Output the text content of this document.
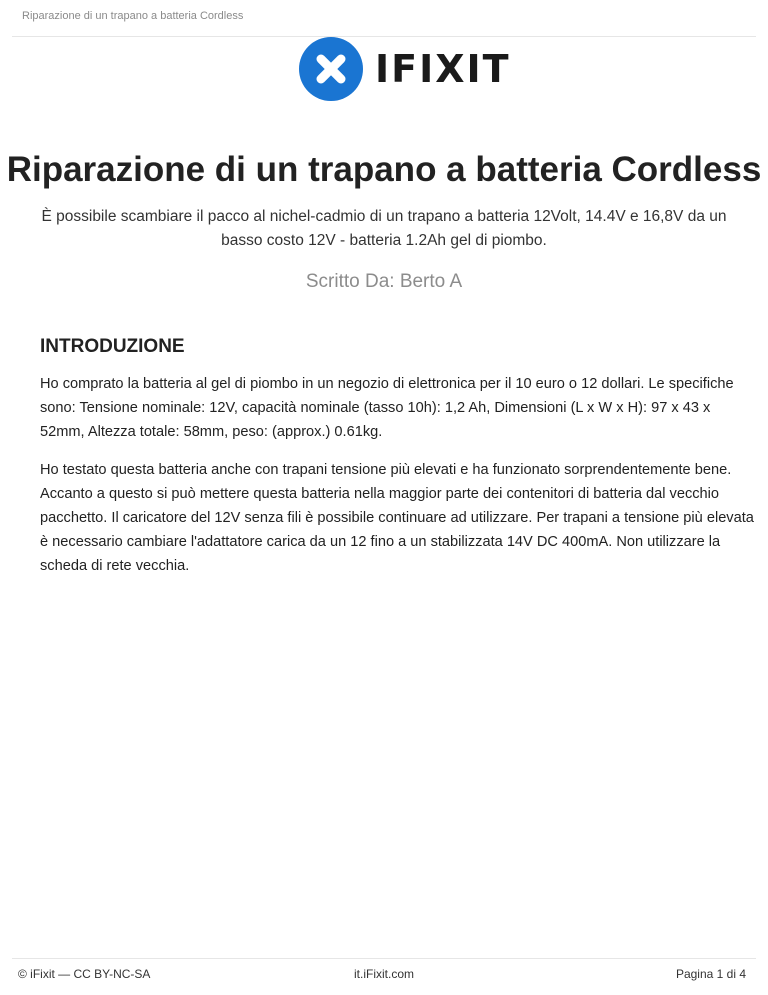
Riparazione di un trapano a batteria Cordless
IFIXIT
Riparazione di un trapano a batteria Cordless
È possibile scambiare il pacco al nichel-cadmio di un trapano a batteria 12Volt, 14.4V e 16,8V da un basso costo 12V - batteria 1.2Ah gel di piombo.
Scritto Da: Berto A
INTRODUZIONE

Ho comprato la batteria al gel di piombo in un negozio di elettronica per il 10 euro o 12 dollari. Le specifiche sono: Tensione nominale: 12V, capacità nominale (tasso 10h): 1,2 Ah, Dimensioni (L x W x H): 97 x 43 x 52mm, Altezza totale: 58mm, peso: (approx.) 0.61kg.

Ho testato questa batteria anche con trapani tensione più elevati e ha funzionato sorprendentemente bene. Accanto a questo si può mettere questa batteria nella maggior parte dei contenitori di batteria dal vecchio pacchetto. Il caricatore del 12V senza fili è possibile continuare ad utilizzare. Per trapani a tensione più elevata è necessario cambiare l'adattatore carica da un 12 fino a un stabilizzata 14V DC 400mA. Non utilizzare la scheda di rete vecchia.

© iFixit — CC BY-NC-SA	it.iFixit.com	Pagina 1 di 4
